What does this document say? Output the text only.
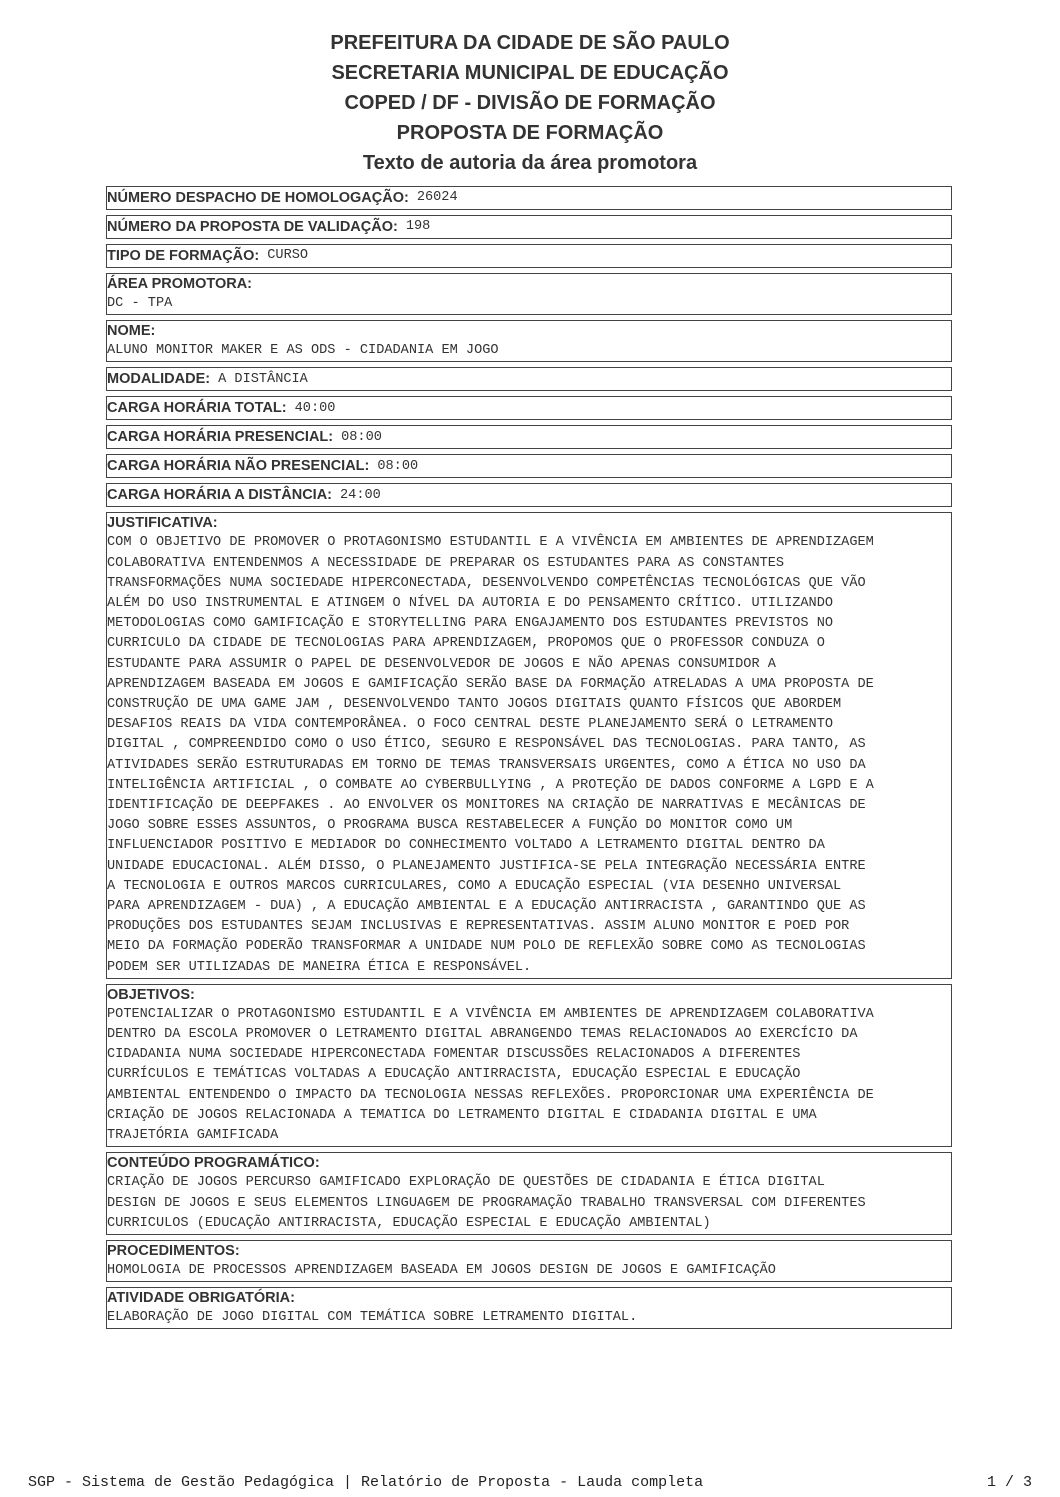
PREFEITURA DA CIDADE DE SÃO PAULO
SECRETARIA MUNICIPAL DE EDUCAÇÃO
COPED / DF - DIVISÃO DE FORMAÇÃO
PROPOSTA DE FORMAÇÃO
Texto de autoria da área promotora
NÚMERO DESPACHO DE HOMOLOGAÇÃO: 26024
NÚMERO DA PROPOSTA DE VALIDAÇÃO: 198
TIPO DE FORMAÇÃO: CURSO
ÁREA PROMOTORA:
DC - TPA
NOME:
ALUNO MONITOR MAKER E AS ODS - CIDADANIA EM JOGO
MODALIDADE: A DISTÂNCIA
CARGA HORÁRIA TOTAL: 40:00
CARGA HORÁRIA PRESENCIAL: 08:00
CARGA HORÁRIA NÃO PRESENCIAL: 08:00
CARGA HORÁRIA A DISTÂNCIA: 24:00
JUSTIFICATIVA:
COM O OBJETIVO DE PROMOVER O PROTAGONISMO ESTUDANTIL E A VIVÊNCIA EM AMBIENTES DE APRENDIZAGEM
COLABORATIVA ENTENDENMOS A NECESSIDADE DE PREPARAR OS ESTUDANTES PARA AS CONSTANTES
TRANSFORMAÇÕES NUMA SOCIEDADE HIPERCONECTADA, DESENVOLVENDO COMPETÊNCIAS TECNOLÓGICAS QUE VÃO
ALÉM DO USO INSTRUMENTAL E ATINGEM O NÍVEL DA AUTORIA E DO PENSAMENTO CRÍTICO. UTILIZANDO
METODOLOGIAS COMO GAMIFICAÇÃO E STORYTELLING PARA ENGAJAMENTO DOS ESTUDANTES PREVISTOS NO
CURRICULO DA CIDADE DE TECNOLOGIAS PARA APRENDIZAGEM, PROPOMOS QUE O PROFESSOR CONDUZA O
ESTUDANTE PARA ASSUMIR O PAPEL DE DESENVOLVEDOR DE JOGOS E NÃO APENAS CONSUMIDOR A
APRENDIZAGEM BASEADA EM JOGOS E GAMIFICAÇÃO SERÃO BASE DA FORMAÇÃO ATRELADAS A UMA PROPOSTA DE
CONSTRUÇÃO DE UMA GAME JAM , DESENVOLVENDO TANTO JOGOS DIGITAIS QUANTO FÍSICOS QUE ABORDEM
DESAFIOS REAIS DA VIDA CONTEMPORÂNEA. O FOCO CENTRAL DESTE PLANEJAMENTO SERÁ O LETRAMENTO
DIGITAL , COMPREENDIDO COMO O USO ÉTICO, SEGURO E RESPONSÁVEL DAS TECNOLOGIAS. PARA TANTO, AS
ATIVIDADES SERÃO ESTRUTURADAS EM TORNO DE TEMAS TRANSVERSAIS URGENTES, COMO A ÉTICA NO USO DA
INTELIGÊNCIA ARTIFICIAL , O COMBATE AO CYBERBULLYING , A PROTEÇÃO DE DADOS CONFORME A LGPD E A
IDENTIFICAÇÃO DE DEEPFAKES . AO ENVOLVER OS MONITORES NA CRIAÇÃO DE NARRATIVAS E MECÂNICAS DE
JOGO SOBRE ESSES ASSUNTOS, O PROGRAMA BUSCA RESTABELECER A FUNÇÃO DO MONITOR COMO UM
INFLUENCIADOR POSITIVO E MEDIADOR DO CONHECIMENTO VOLTADO A LETRAMENTO DIGITAL DENTRO DA
UNIDADE EDUCACIONAL. ALÉM DISSO, O PLANEJAMENTO JUSTIFICA-SE PELA INTEGRAÇÃO NECESSÁRIA ENTRE
A TECNOLOGIA E OUTROS MARCOS CURRICULARES, COMO A EDUCAÇÃO ESPECIAL (VIA DESENHO UNIVERSAL
PARA APRENDIZAGEM - DUA) , A EDUCAÇÃO AMBIENTAL E A EDUCAÇÃO ANTIRRACISTA , GARANTINDO QUE AS
PRODUÇÕES DOS ESTUDANTES SEJAM INCLUSIVAS E REPRESENTATIVAS. ASSIM ALUNO MONITOR E POED POR
MEIO DA FORMAÇÃO PODERÃO TRANSFORMAR A UNIDADE NUM POLO DE REFLEXÃO SOBRE COMO AS TECNOLOGIAS
PODEM SER UTILIZADAS DE MANEIRA ÉTICA E RESPONSÁVEL.
OBJETIVOS:
POTENCIALIZAR O PROTAGONISMO ESTUDANTIL E A VIVÊNCIA EM AMBIENTES DE APRENDIZAGEM COLABORATIVA
DENTRO DA ESCOLA PROMOVER O LETRAMENTO DIGITAL ABRANGENDO TEMAS RELACIONADOS AO EXERCÍCIO DA
CIDADANIA NUMA SOCIEDADE HIPERCONECTADA FOMENTAR DISCUSSÕES RELACIONADOS A DIFERENTES
CURRÍCULOS E TEMÁTICAS VOLTADAS A EDUCAÇÃO ANTIRRACISTA, EDUCAÇÃO ESPECIAL E EDUCAÇÃO
AMBIENTAL ENTENDENDO O IMPACTO DA TECNOLOGIA NESSAS REFLEXÕES. PROPORCIONAR UMA EXPERIÊNCIA DE
CRIAÇÃO DE JOGOS RELACIONADA A TEMATICA DO LETRAMENTO DIGITAL E CIDADANIA DIGITAL E UMA
TRAJETÓRIA GAMIFICADA
CONTEÚDO PROGRAMÁTICO:
CRIAÇÃO DE JOGOS PERCURSO GAMIFICADO EXPLORAÇÃO DE QUESTÕES DE CIDADANIA E ÉTICA DIGITAL
DESIGN DE JOGOS E SEUS ELEMENTOS LINGUAGEM DE PROGRAMAÇÃO TRABALHO TRANSVERSAL COM DIFERENTES
CURRICULOS (EDUCAÇÃO ANTIRRACISTA, EDUCAÇÃO ESPECIAL E EDUCAÇÃO AMBIENTAL)
PROCEDIMENTOS:
HOMOLOGIA DE PROCESSOS APRENDIZAGEM BASEADA EM JOGOS DESIGN DE JOGOS E GAMIFICAÇÃO
ATIVIDADE OBRIGATÓRIA:
ELABORAÇÃO DE JOGO DIGITAL COM TEMÁTICA SOBRE LETRAMENTO DIGITAL.
SGP - Sistema de Gestão Pedagógica | Relatório de Proposta - Lauda completa	1 / 3
